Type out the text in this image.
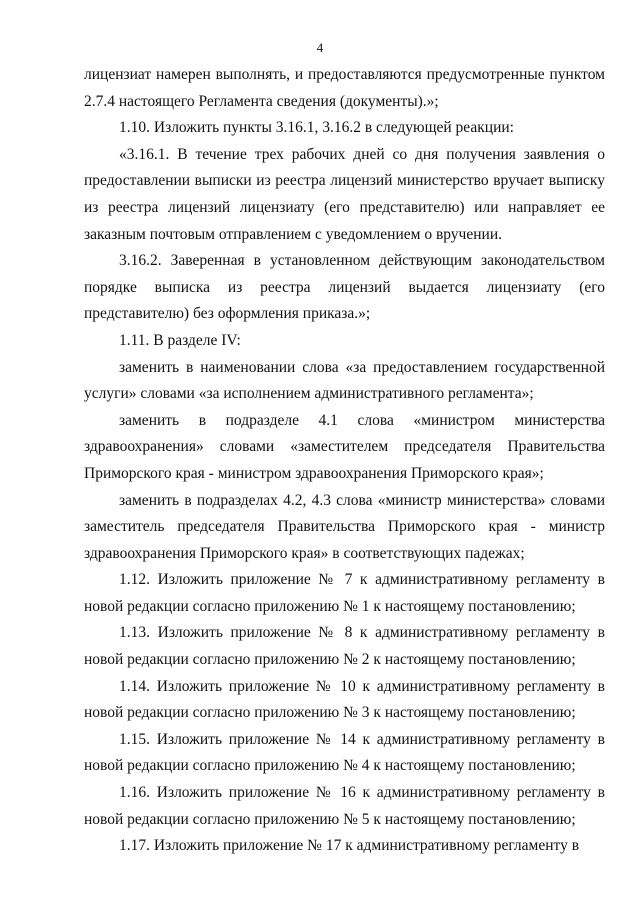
4

лицензиат намерен выполнять, и предоставляются предусмотренные пунктом 2.7.4 настоящего Регламента сведения (документы).»;

1.10. Изложить пункты 3.16.1, 3.16.2 в следующей реакции:

«3.16.1. В течение трех рабочих дней со дня получения заявления о предоставлении выписки из реестра лицензий министерство вручает выписку из реестра лицензий лицензиату (его представителю) или направляет ее заказным почтовым отправлением с уведомлением о вручении.

3.16.2. Заверенная в установленном действующим законодательством порядке выписка из реестра лицензий выдается лицензиату (его представителю) без оформления приказа.»;

1.11. В разделе IV:

заменить в наименовании слова «за предоставлением государственной услуги» словами «за исполнением административного регламента»;

заменить в подразделе 4.1 слова «министром министерства здравоохранения» словами «заместителем председателя Правительства Приморского края - министром здравоохранения Приморского края»;

заменить в подразделах 4.2, 4.3 слова «министр министерства» словами заместитель председателя Правительства Приморского края - министр здравоохранения Приморского края» в соответствующих падежах;

1.12. Изложить приложение № 7 к административному регламенту в новой редакции согласно приложению № 1 к настоящему постановлению;

1.13. Изложить приложение № 8 к административному регламенту в новой редакции согласно приложению № 2 к настоящему постановлению;

1.14. Изложить приложение № 10 к административному регламенту в новой редакции согласно приложению № 3 к настоящему постановлению;

1.15. Изложить приложение № 14 к административному регламенту в новой редакции согласно приложению № 4 к настоящему постановлению;

1.16. Изложить приложение № 16 к административному регламенту в новой редакции согласно приложению № 5 к настоящему постановлению;

1.17. Изложить приложение № 17 к административному регламенту в
